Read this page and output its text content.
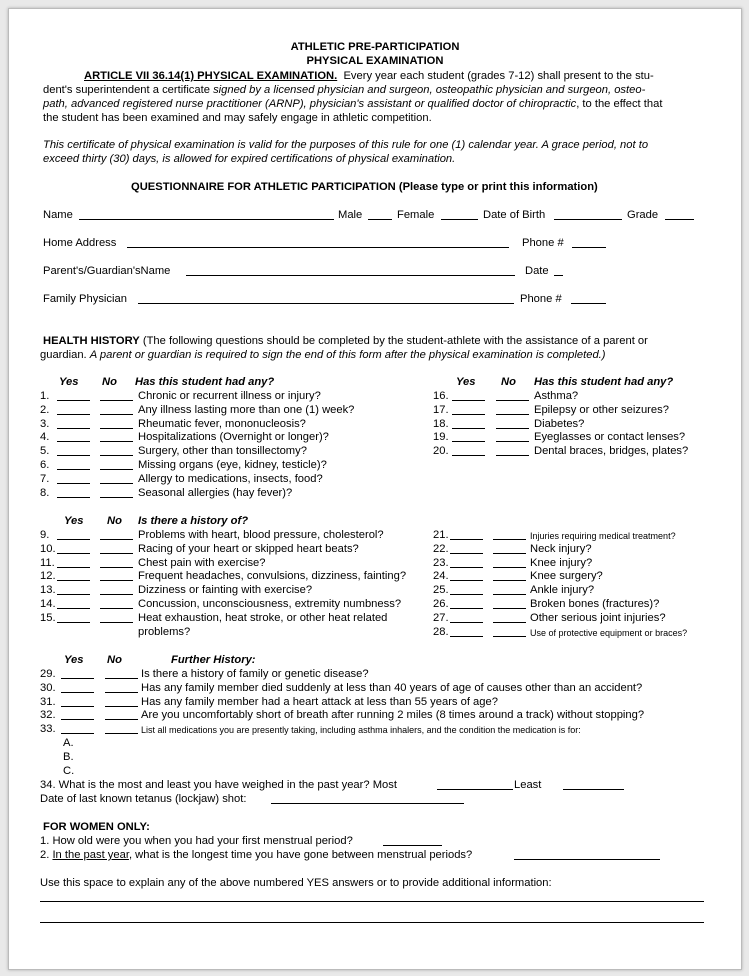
ATHLETIC PRE-PARTICIPATION
PHYSICAL EXAMINATION
ARTICLE VII 36.14(1) PHYSICAL EXAMINATION. Every year each student (grades 7-12) shall present to the stu-
dent's superintendent a certificate signed by a licensed physician and surgeon, osteopathic physician and surgeon, osteo-
path, advanced registered nurse practitioner (ARNP), physician's assistant or qualified doctor of chiropractic, to the effect that
the student has been examined and may safely engage in athletic competition.
This certificate of physical examination is valid for the purposes of this rule for one (1) calendar year. A grace period, not to
exceed thirty (30) days, is allowed for expired certifications of physical examination.
QUESTIONNAIRE FOR ATHLETIC PARTICIPATION (Please type or print this information)
Name	Male	Female	Date of Birth	Grade
Home Address	Phone #
Parent's/Guardian'sName	Date
Family Physician	Phone #
HEALTH HISTORY (The following questions should be completed by the student-athlete with the assistance of a parent or
guardian. A parent or guardian is required to sign the end of this form after the physical examination is completed.)
Yes No Has this student had any?	Yes No Has this student had any?
Yes No Is there a history of?
Yes No	Further History:
A.
B.
C.
34. What is the most and least you have weighed in the past year? Most	Least
Date of last known tetanus (lockjaw) shot:
FOR WOMEN ONLY:
1. How old were you when you had your first menstrual period?
2. In the past year, what is the longest time you have gone between menstrual periods?
Use this space to explain any of the above numbered YES answers or to provide additional information:
1.	Chronic or recurrent illness or injury?
2.	Any illness lasting more than one (1) week?
3.	Rheumatic fever, mononucleosis?
4.	Hospitalizations (Overnight or longer)?
5.	Surgery, other than tonsillectomy?
6.	Missing organs (eye, kidney, testicle)?
7.	Allergy to medications, insects, food?
8.	Seasonal allergies (hay fever)?
16.	Asthma?
17.	Epilepsy or other seizures?
18.	Diabetes?
19.	Eyeglasses or contact lenses?
20.	Dental braces, bridges, plates?
9.	Problems with heart, blood pressure, cholesterol?
10.	Racing of your heart or skipped heart beats?
11.	Chest pain with exercise?
12.	Frequent headaches, convulsions, dizziness, fainting?
13.	Dizziness or fainting with exercise?
14.	Concussion, unconsciousness, extremity numbness?
15.	Heat exhaustion, heat stroke, or other heat related
problems?
21.	Injuries requiring medical treatment?
22.	Neck injury?
23.	Knee injury?
24.	Knee surgery?
25.	Ankle injury?
26.	Broken bones (fractures)?
27.	Other serious joint injuries?
28.	Use of protective equipment or braces?
29.	Is there a history of family or genetic disease?
30.	Has any family member died suddenly at less than 40 years of age of causes other than an accident?
31.	Has any family member had a heart attack at less than 55 years of age?
32.	Are you uncomfortably short of breath after running 2 miles (8 times around a track) without stopping?
33.	List all medications you are presently taking, including asthma inhalers, and the condition the medication is for:
